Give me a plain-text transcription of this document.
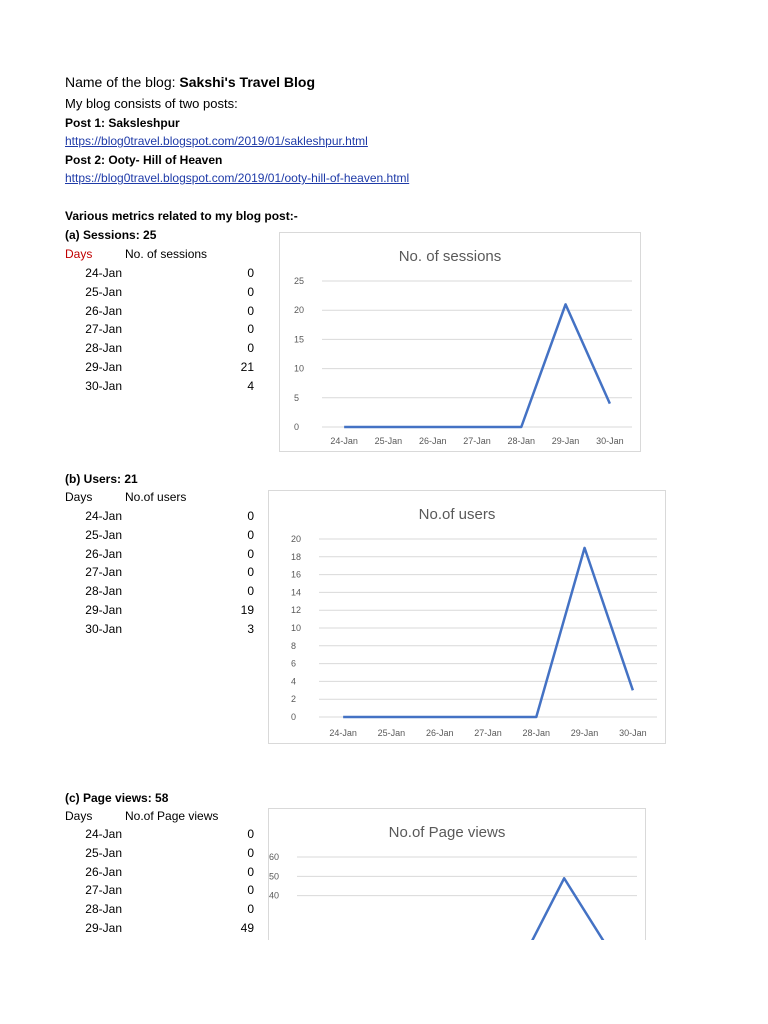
Name of the blog: Sakshi's Travel Blog
My blog consists of two posts:
Post 1: Saksleshpur
https://blog0travel.blogspot.com/2019/01/sakleshpur.html
Post 2: Ooty- Hill of Heaven
https://blog0travel.blogspot.com/2019/01/ooty-hill-of-heaven.html
Various metrics related to my blog post:-
(a) Sessions: 25
Days	No. of sessions
24-Jan	0
25-Jan	0
26-Jan	0
27-Jan	0
28-Jan	0
29-Jan	21
30-Jan	4
No. of sessions
0
5
10
15
20
25
24-Jan 25-Jan 26-Jan 27-Jan 28-Jan 29-Jan 30-Jan
(b) Users: 21
Days	No.of users
24-Jan	0
25-Jan	0
26-Jan	0
27-Jan	0
28-Jan	0
29-Jan	19
30-Jan	3
No.of users
0
2
4
6
8
10
12
14
16
18
20
24-Jan 25-Jan 26-Jan 27-Jan 28-Jan 29-Jan 30-Jan
(c) Page views: 58
Days	No.of Page views
24-Jan	0
25-Jan	0
26-Jan	0
27-Jan	0
28-Jan	0
29-Jan	49
No.of Page views
40
50
60
